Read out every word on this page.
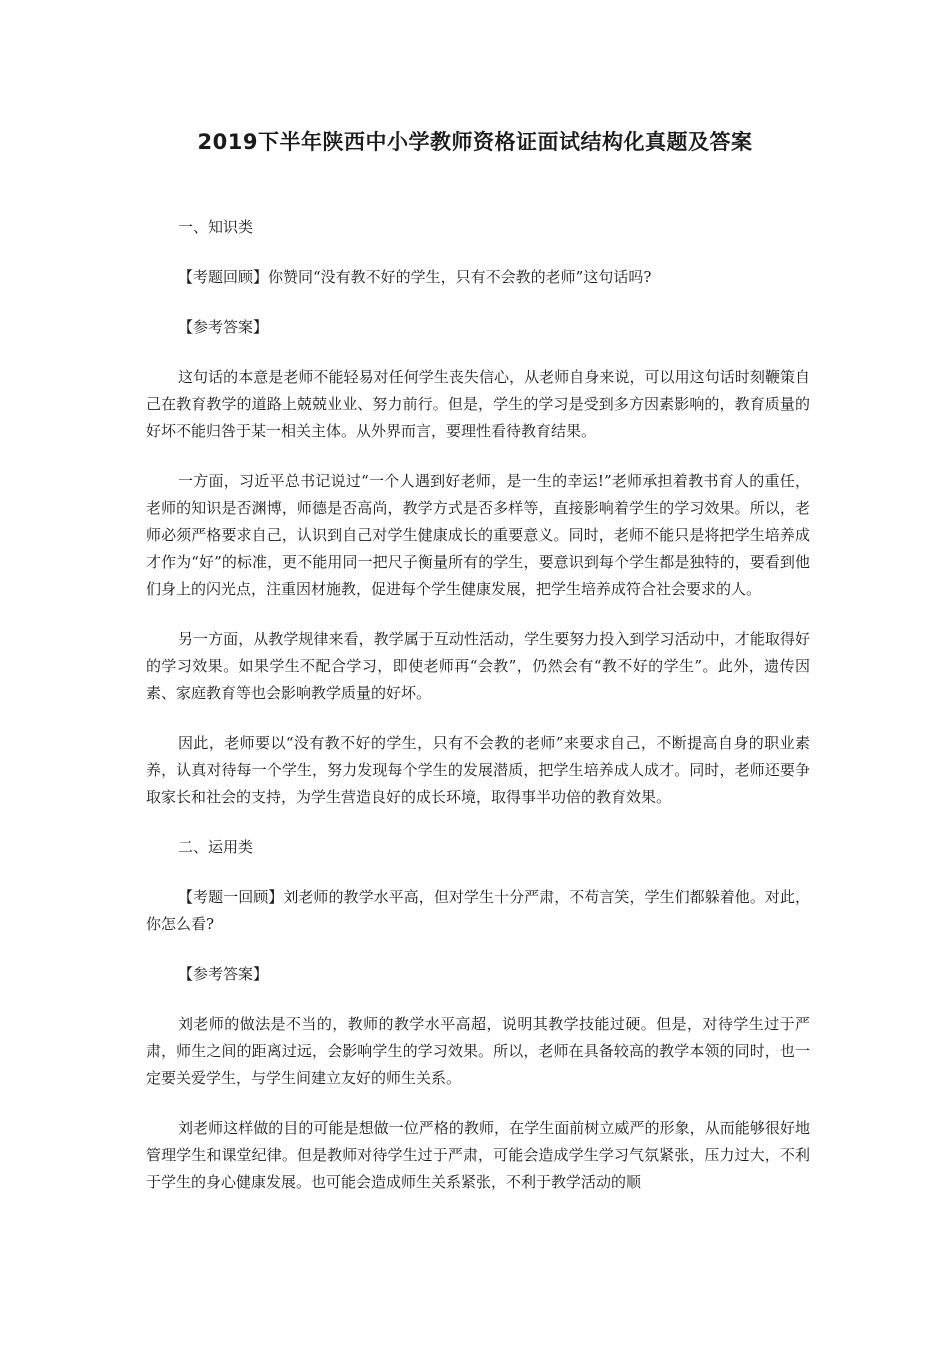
2019下半年陕西中小学教师资格证面试结构化真题及答案

一、知识类

【考题回顾】你赞同“没有教不好的学生，只有不会教的老师”这句话吗?

【参考答案】

这句话的本意是老师不能轻易对任何学生丧失信心，从老师自身来说，可以用这句话时刻鞭策自己在教育教学的道路上兢兢业业、努力前行。但是，学生的学习是受到多方因素影响的，教育质量的好坏不能归咎于某一相关主体。从外界而言，要理性看待教育结果。

一方面，习近平总书记说过“一个人遇到好老师，是一生的幸运!”老师承担着教书育人的重任，老师的知识是否渊博，师德是否高尚，教学方式是否多样等，直接影响着学生的学习效果。所以，老师必须严格要求自己，认识到自己对学生健康成长的重要意义。同时，老师不能只是将把学生培养成才作为“好”的标准，更不能用同一把尺子衡量所有的学生，要意识到每个学生都是独特的，要看到他们身上的闪光点，注重因材施教，促进每个学生健康发展，把学生培养成符合社会要求的人。

另一方面，从教学规律来看，教学属于互动性活动，学生要努力投入到学习活动中，才能取得好的学习效果。如果学生不配合学习，即使老师再“会教”，仍然会有“教不好的学生”。此外，遗传因素、家庭教育等也会影响教学质量的好坏。

因此，老师要以“没有教不好的学生，只有不会教的老师”来要求自己，不断提高自身的职业素养，认真对待每一个学生，努力发现每个学生的发展潜质，把学生培养成人成才。同时，老师还要争取家长和社会的支持，为学生营造良好的成长环境，取得事半功倍的教育效果。

二、运用类

【考题一回顾】刘老师的教学水平高，但对学生十分严肃，不苟言笑，学生们都躲着他。对此，你怎么看?

【参考答案】

刘老师的做法是不当的，教师的教学水平高超，说明其教学技能过硬。但是，对待学生过于严肃，师生之间的距离过远，会影响学生的学习效果。所以，老师在具备较高的教学本领的同时，也一定要关爱学生，与学生间建立友好的师生关系。

刘老师这样做的目的可能是想做一位严格的教师，在学生面前树立威严的形象，从而能够很好地管理学生和课堂纪律。但是教师对待学生过于严肃，可能会造成学生学习气氛紧张，压力过大，不利于学生的身心健康发展。也可能会造成师生关系紧张，不利于教学活动的顺
